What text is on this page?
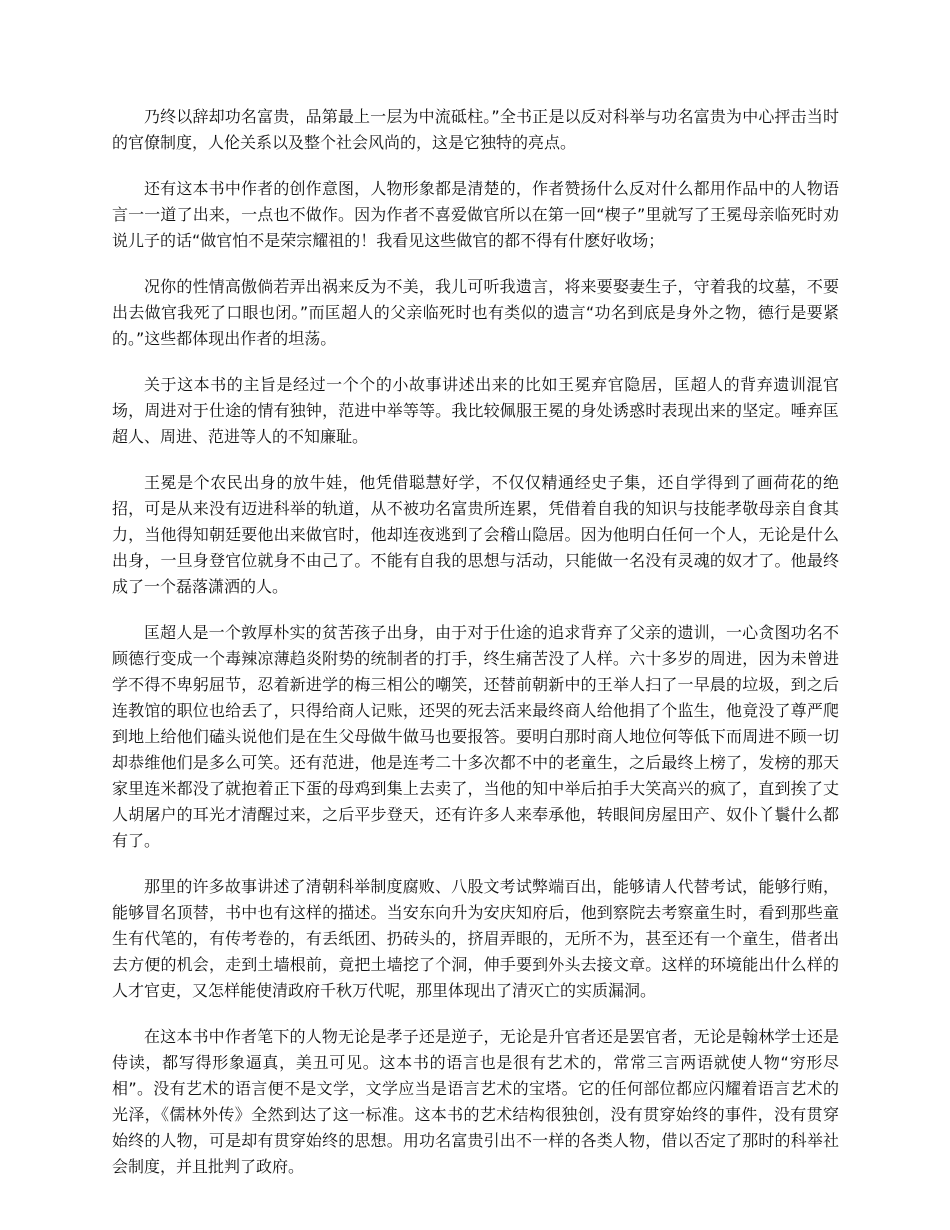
乃终以辞却功名富贵，品第最上一层为中流砥柱。”全书正是以反对科举与功名富贵为中心抨击当时的官僚制度，人伦关系以及整个社会风尚的，这是它独特的亮点。

还有这本书中作者的创作意图，人物形象都是清楚的，作者赞扬什么反对什么都用作品中的人物语言一一道了出来，一点也不做作。因为作者不喜爱做官所以在第一回“楔子”里就写了王冕母亲临死时劝说儿子的话“做官怕不是荣宗耀祖的！我看见这些做官的都不得有什麽好收场；

况你的性情高傲倘若弄出祸来反为不美，我儿可听我遗言，将来要娶妻生子，守着我的坟墓，不要出去做官我死了口眼也闭。”而匡超人的父亲临死时也有类似的遗言“功名到底是身外之物，德行是要紧的。”这些都体现出作者的坦荡。

关于这本书的主旨是经过一个个的小故事讲述出来的比如王冕弃官隐居，匡超人的背弃遗训混官场，周进对于仕途的情有独钟，范进中举等等。我比较佩服王冕的身处诱惑时表现出来的坚定。唾弃匡超人、周进、范进等人的不知廉耻。

王冕是个农民出身的放牛娃，他凭借聪慧好学，不仅仅精通经史子集，还自学得到了画荷花的绝招，可是从来没有迈进科举的轨道，从不被功名富贵所连累，凭借着自我的知识与技能孝敬母亲自食其力，当他得知朝廷要他出来做官时，他却连夜逃到了会稽山隐居。因为他明白任何一个人，无论是什么出身，一旦身登官位就身不由己了。不能有自我的思想与活动，只能做一名没有灵魂的奴才了。他最终成了一个磊落潇洒的人。

匡超人是一个敦厚朴实的贫苦孩子出身，由于对于仕途的追求背弃了父亲的遗训，一心贪图功名不顾德行变成一个毒辣凉薄趋炎附势的统制者的打手，终生痛苦没了人样。六十多岁的周进，因为未曾进学不得不卑躬屈节，忍着新进学的梅三相公的嘲笑，还替前朝新中的王举人扫了一早晨的垃圾，到之后连教馆的职位也给丢了，只得给商人记账，还哭的死去活来最终商人给他捐了个监生，他竟没了尊严爬到地上给他们磕头说他们是在生父母做牛做马也要报答。要明白那时商人地位何等低下而周进不顾一切却恭维他们是多么可笑。还有范进，他是连考二十多次都不中的老童生，之后最终上榜了，发榜的那天家里连米都没了就抱着正下蛋的母鸡到集上去卖了，当他的知中举后拍手大笑高兴的疯了，直到挨了丈人胡屠户的耳光才清醒过来，之后平步登天，还有许多人来奉承他，转眼间房屋田产、奴仆丫鬟什么都有了。

那里的许多故事讲述了清朝科举制度腐败、八股文考试弊端百出，能够请人代替考试，能够行贿，能够冒名顶替，书中也有这样的描述。当安东向升为安庆知府后，他到察院去考察童生时，看到那些童生有代笔的，有传考卷的，有丢纸团、扔砖头的，挤眉弄眼的，无所不为，甚至还有一个童生，借者出去方便的机会，走到土墙根前，竟把土墙挖了个洞，伸手要到外头去接文章。这样的环境能出什么样的人才官吏，又怎样能使清政府千秋万代呢，那里体现出了清灭亡的实质漏洞。

在这本书中作者笔下的人物无论是孝子还是逆子，无论是升官者还是罢官者，无论是翰林学士还是侍读，都写得形象逼真，美丑可见。这本书的语言也是很有艺术的，常常三言两语就使人物“穷形尽相”。没有艺术的语言便不是文学，文学应当是语言艺术的宝塔。它的任何部位都应闪耀着语言艺术的光泽，《儒林外传》全然到达了这一标准。这本书的艺术结构很独创，没有贯穿始终的事件，没有贯穿始终的人物，可是却有贯穿始终的思想。用功名富贵引出不一样的各类人物，借以否定了那时的科举社会制度，并且批判了政府。
